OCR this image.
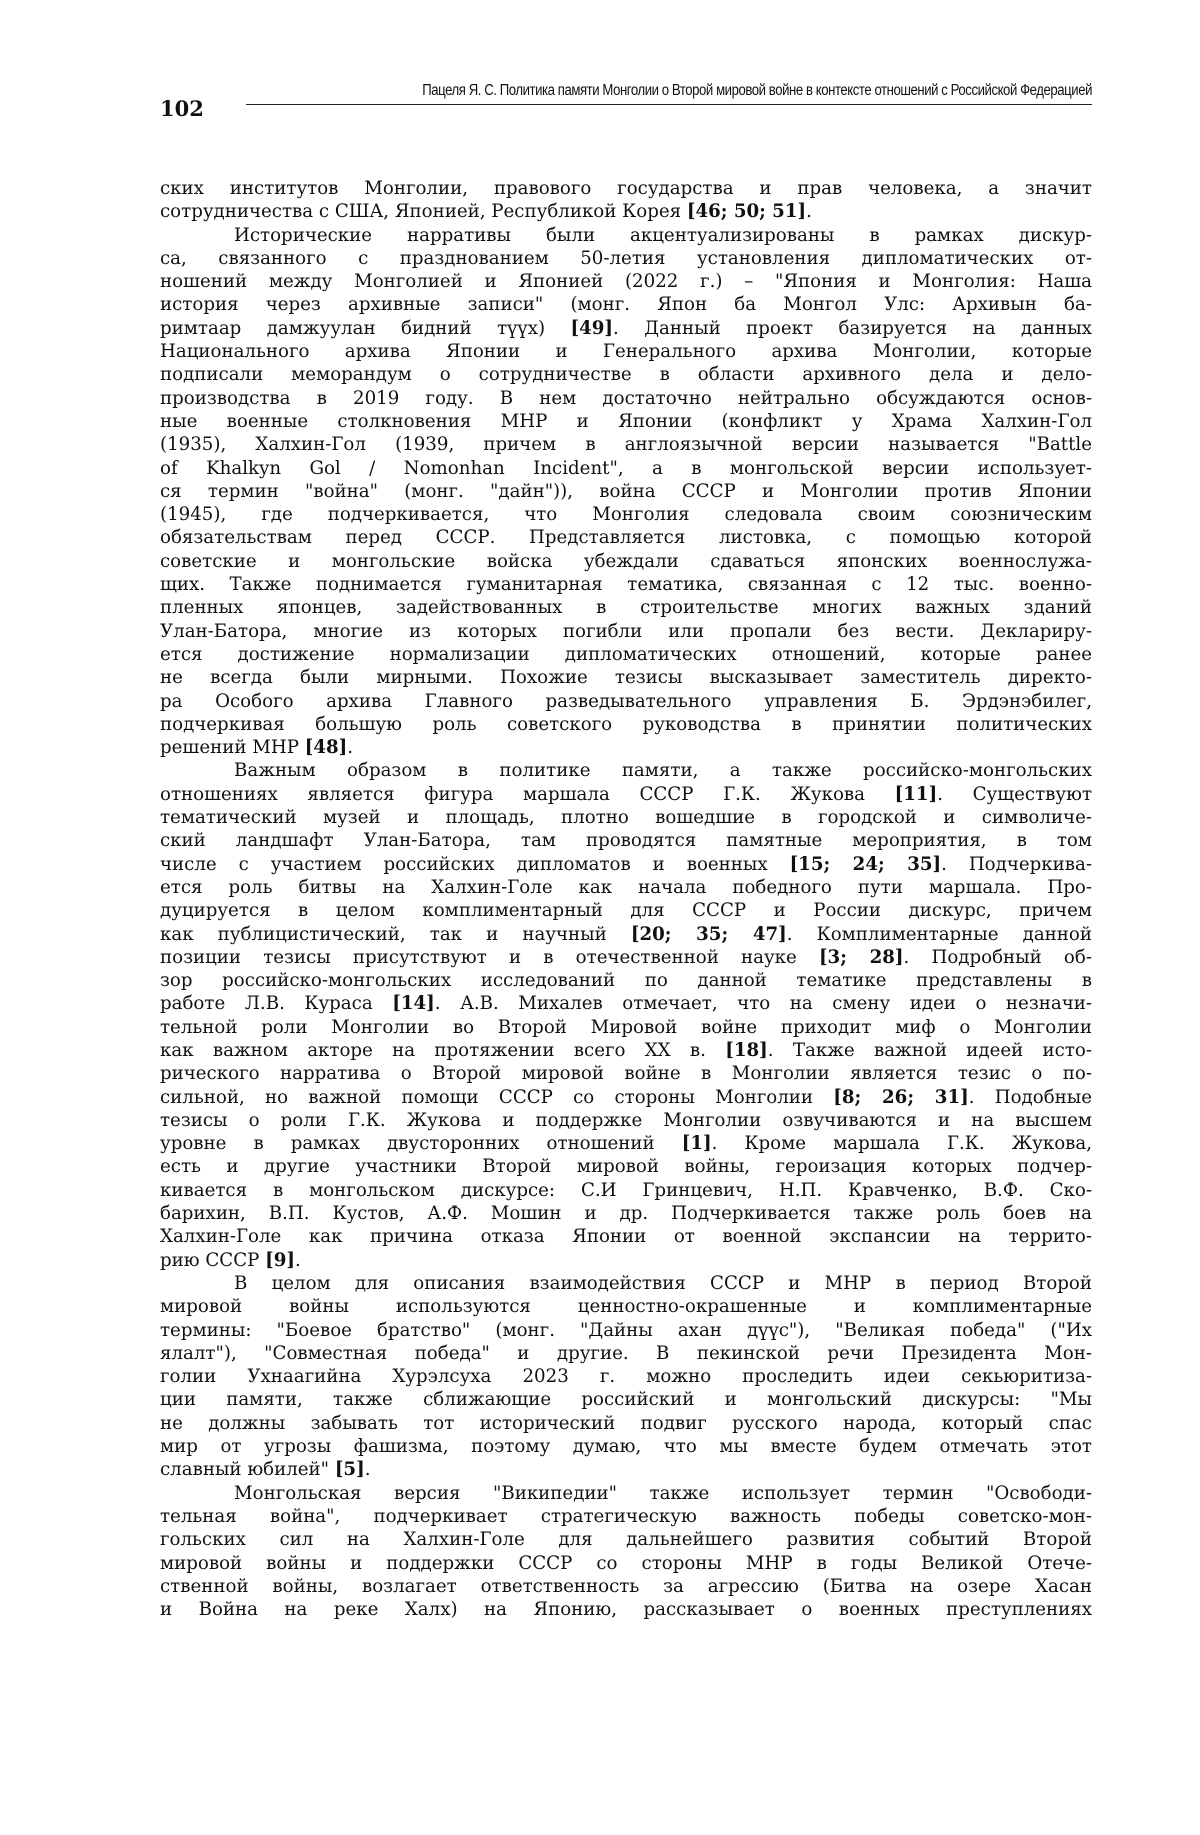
102
Пацеля Я. С. Политика памяти Монголии о Второй мировой войне в контексте отношений с Российской Федерацией

ских институтов Монголии, правового государства и прав человека, а значит
сотрудничества с США, Японией, Республикой Корея [46; 50; 51].

Исторические нарративы были акцентуализированы в рамках дискур-
са, связанного с празднованием 50-летия установления дипломатических от-
ношений между Монголией и Японией (2022 г.) – "Япония и Монголия: Наша
история через архивные записи" (монг. Япон ба Монгол Улс: Архивын ба-
римтаар дамжуулан бидний түүх) [49]. Данный проект базируется на данных
Национального архива Японии и Генерального архива Монголии, которые
подписали меморандум о сотрудничестве в области архивного дела и дело-
производства в 2019 году. В нем достаточно нейтрально обсуждаются основ-
ные военные столкновения МНР и Японии (конфликт у Храма Халхин-Гол
(1935), Халхин-Гол (1939, причем в англоязычной версии называется "Battle
of Khalkyn Gol / Nomonhan Incident", а в монгольской версии использует-
ся термин "война" (монг. "дайн")), война СССР и Монголии против Японии
(1945), где подчеркивается, что Монголия следовала своим союзническим
обязательствам перед СССР. Представляется листовка, с помощью которой
советские и монгольские войска убеждали сдаваться японских военнослужа-
щих. Также поднимается гуманитарная тематика, связанная с 12 тыс. военно-
пленных японцев, задействованных в строительстве многих важных зданий
Улан-Батора, многие из которых погибли или пропали без вести. Деклариру-
ется достижение нормализации дипломатических отношений, которые ранее
не всегда были мирными. Похожие тезисы высказывает заместитель директо-
ра Особого архива Главного разведывательного управления Б. Эрдэнэбилег,
подчеркивая большую роль советского руководства в принятии политических
решений МНР [48].

Важным образом в политике памяти, а также российско-монгольских
отношениях является фигура маршала СССР Г.К. Жукова [11]. Существуют
тематический музей и площадь, плотно вошедшие в городской и символиче-
ский ландшафт Улан-Батора, там проводятся памятные мероприятия, в том
числе с участием российских дипломатов и военных [15; 24; 35]. Подчеркива-
ется роль битвы на Халхин-Голе как начала победного пути маршала. Про-
дуцируется в целом комплиментарный для СССР и России дискурс, причем
как публицистический, так и научный [20; 35; 47]. Комплиментарные данной
позиции тезисы присутствуют и в отечественной науке [3; 28]. Подробный об-
зор российско-монгольских исследований по данной тематике представлены в
работе Л.В. Кураса [14]. А.В. Михалев отмечает, что на смену идеи о незначи-
тельной роли Монголии во Второй Мировой войне приходит миф о Монголии
как важном акторе на протяжении всего XX в. [18]. Также важной идеей исто-
рического нарратива о Второй мировой войне в Монголии является тезис о по-
сильной, но важной помощи СССР со стороны Монголии [8; 26; 31]. Подобные
тезисы о роли Г.К. Жукова и поддержке Монголии озвучиваются и на высшем
уровне в рамках двусторонних отношений [1]. Кроме маршала Г.К. Жукова,
есть и другие участники Второй мировой войны, героизация которых подчер-
кивается в монгольском дискурсе: С.И Гринцевич, Н.П. Кравченко, В.Ф. Ско-
барихин, В.П. Кустов, А.Ф. Мошин и др. Подчеркивается также роль боев на
Халхин-Голе как причина отказа Японии от военной экспансии на террито-
рию СССР [9].

В целом для описания взаимодействия СССР и МНР в период Второй
мировой войны используются ценностно-окрашенные и комплиментарные
термины: "Боевое братство" (монг. "Дайны ахан дүүс"), "Великая победа" ("Их
ялалт"), "Совместная победа" и другие. В пекинской речи Президента Мон-
голии Ухнаагийна Хурэлсуха 2023 г. можно проследить идеи секьюритиза-
ции памяти, также сближающие российский и монгольский дискурсы: "Мы
не должны забывать тот исторический подвиг русского народа, который спас
мир от угрозы фашизма, поэтому думаю, что мы вместе будем отмечать этот
славный юбилей" [5].

Монгольская версия "Википедии" также использует термин "Освободи-
тельная война", подчеркивает стратегическую важность победы советско-мон-
гольских сил на Халхин-Голе для дальнейшего развития событий Второй
мировой войны и поддержки СССР со стороны МНР в годы Великой Отече-
ственной войны, возлагает ответственность за агрессию (Битва на озере Хасан
и Война на реке Халх) на Японию, рассказывает о военных преступлениях
